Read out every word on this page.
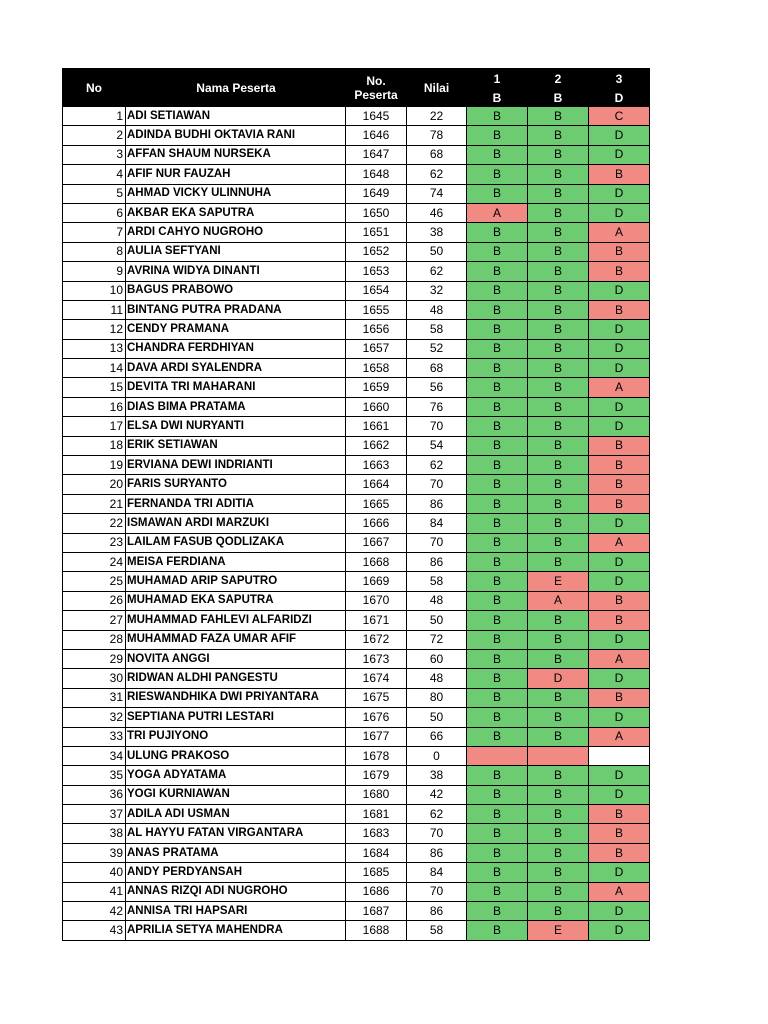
No	Nama Peserta	No. Peserta	Nilai	1	2	3
				B	B	D
1	ADI SETIAWAN	1645	22	B	B	C
2	ADINDA BUDHI OKTAVIA RANI	1646	78	B	B	D
3	AFFAN SHAUM NURSEKA	1647	68	B	B	D
4	AFIF NUR FAUZAH	1648	62	B	B	B
5	AHMAD VICKY ULINNUHA	1649	74	B	B	D
6	AKBAR EKA SAPUTRA	1650	46	A	B	D
7	ARDI CAHYO NUGROHO	1651	38	B	B	A
8	AULIA SEFTYANI	1652	50	B	B	B
9	AVRINA WIDYA DINANTI	1653	62	B	B	B
10	BAGUS PRABOWO	1654	32	B	B	D
11	BINTANG PUTRA PRADANA	1655	48	B	B	B
12	CENDY PRAMANA	1656	58	B	B	D
13	CHANDRA FERDHIYAN	1657	52	B	B	D
14	DAVA ARDI SYALENDRA	1658	68	B	B	D
15	DEVITA TRI MAHARANI	1659	56	B	B	A
16	DIAS BIMA PRATAMA	1660	76	B	B	D
17	ELSA DWI NURYANTI	1661	70	B	B	D
18	ERIK SETIAWAN	1662	54	B	B	B
19	ERVIANA DEWI INDRIANTI	1663	62	B	B	B
20	FARIS SURYANTO	1664	70	B	B	B
21	FERNANDA TRI ADITIA	1665	86	B	B	B
22	ISMAWAN ARDI MARZUKI	1666	84	B	B	D
23	LAILAM FASUB QODLIZAKA	1667	70	B	B	A
24	MEISA FERDIANA	1668	86	B	B	D
25	MUHAMAD ARIP SAPUTRO	1669	58	B	E	D
26	MUHAMAD EKA SAPUTRA	1670	48	B	A	B
27	MUHAMMAD FAHLEVI ALFARIDZI	1671	50	B	B	B
28	MUHAMMAD FAZA UMAR AFIF	1672	72	B	B	D
29	NOVITA ANGGI	1673	60	B	B	A
30	RIDWAN ALDHI PANGESTU	1674	48	B	D	D
31	RIESWANDHIKA DWI PRIYANTARA	1675	80	B	B	B
32	SEPTIANA PUTRI LESTARI	1676	50	B	B	D
33	TRI PUJIYONO	1677	66	B	B	A
34	ULUNG PRAKOSO	1678	0			
35	YOGA ADYATAMA	1679	38	B	B	D
36	YOGI KURNIAWAN	1680	42	B	B	D
37	ADILA ADI USMAN	1681	62	B	B	B
38	AL HAYYU FATAN VIRGANTARA	1683	70	B	B	B
39	ANAS PRATAMA	1684	86	B	B	B
40	ANDY PERDYANSAH	1685	84	B	B	D
41	ANNAS RIZQI ADI NUGROHO	1686	70	B	B	A
42	ANNISA TRI HAPSARI	1687	86	B	B	D
43	APRILIA SETYA MAHENDRA	1688	58	B	E	D
